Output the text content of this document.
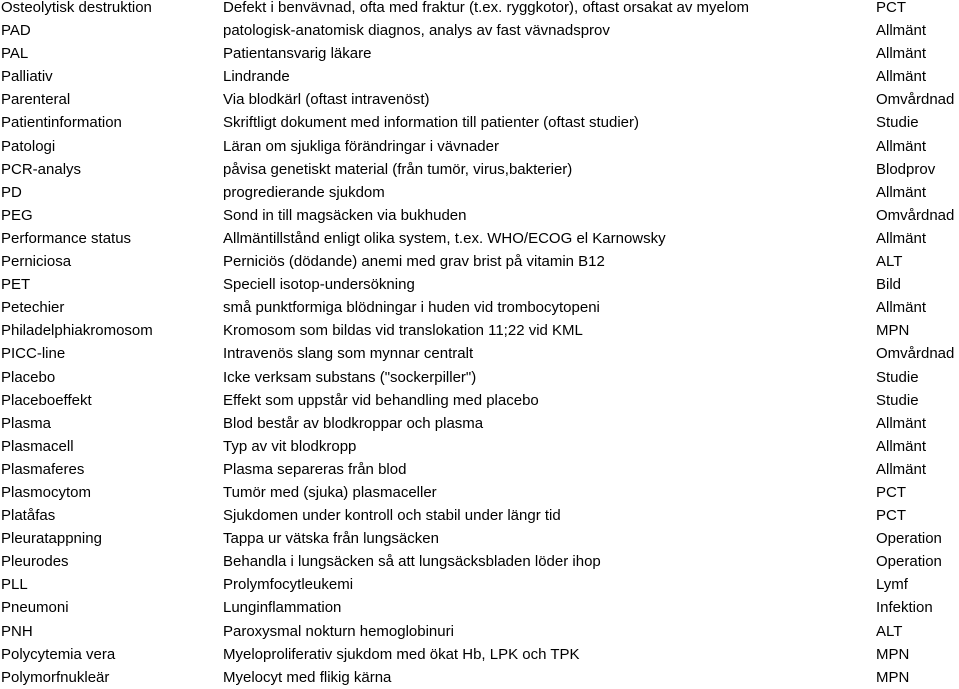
Osteolytisk destruktion	Defekt i benvävnad, ofta med fraktur (t.ex. ryggkotor), oftast orsakat av myelom	PCT
PAD	patologisk-anatomisk diagnos, analys av fast vävnadsprov	Allmänt
PAL	Patientansvarig läkare	Allmänt
Palliativ	Lindrande	Allmänt
Parenteral	Via blodkärl (oftast intravenöst)	Omvårdnad
Patientinformation	Skriftligt dokument med information till patienter (oftast studier)	Studie
Patologi	Läran om sjukliga förändringar i vävnader	Allmänt
PCR-analys	påvisa genetiskt material (från tumör, virus,bakterier)	Blodprov
PD	progredierande sjukdom	Allmänt
PEG	Sond in till magsäcken via bukhuden	Omvårdnad
Performance status	Allmäntillstånd enligt olika system, t.ex. WHO/ECOG el Karnowsky	Allmänt
Perniciosa	Perniciös (dödande) anemi med grav brist på vitamin B12	ALT
PET	Speciell isotop-undersökning	Bild
Petechier	små punktformiga blödningar i huden vid trombocytopeni	Allmänt
Philadelphiakromosom	Kromosom som bildas vid translokation 11;22 vid KML	MPN
PICC-line	Intravenös slang som mynnar centralt	Omvårdnad
Placebo	Icke verksam substans ("sockerpiller")	Studie
Placeboeffekt	Effekt som uppstår vid behandling med placebo	Studie
Plasma	Blod består av blodkroppar och plasma	Allmänt
Plasmacell	Typ av vit blodkropp	Allmänt
Plasmaferes	Plasma separeras från blod	Allmänt
Plasmocytom	Tumör med (sjuka) plasmaceller	PCT
Platåfas	Sjukdomen under kontroll och stabil under längr tid	PCT
Pleuratappning	Tappa ur vätska från lungsäcken	Operation
Pleurodes	Behandla i lungsäcken så att lungsäcksbladen löder ihop	Operation
PLL	Prolymfocytleukemi	Lymf
Pneumoni	Lunginflammation	Infektion
PNH	Paroxysmal nokturn hemoglobinuri	ALT
Polycytemia vera	Myeloproliferativ sjukdom med ökat Hb, LPK och TPK	MPN
Polymorfnukleär	Myelocyt med flikig kärna	MPN
